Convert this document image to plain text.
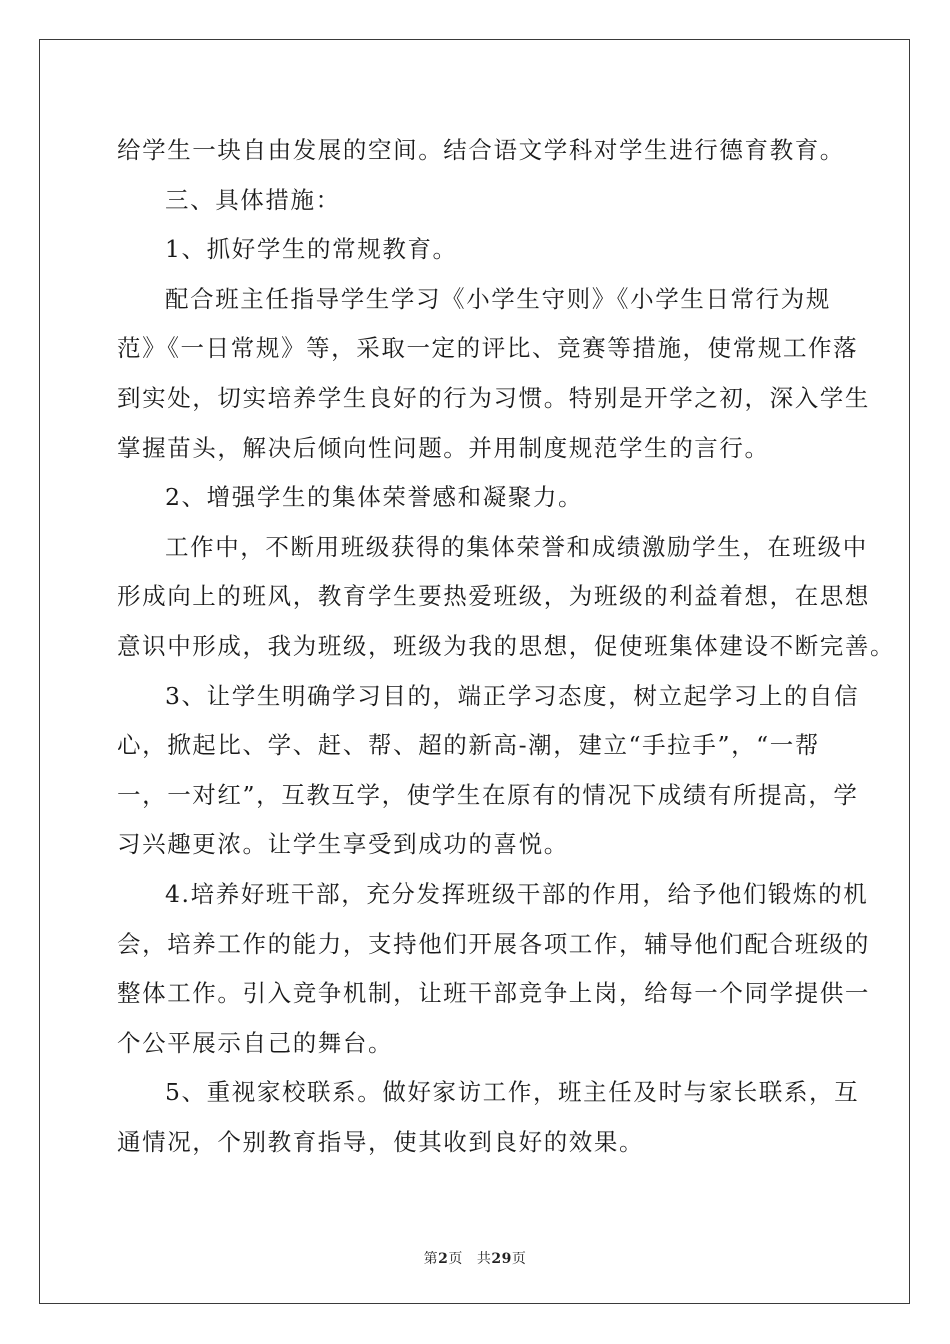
给学生一块自由发展的空间。结合语文学科对学生进行德育教育。

三、具体措施：

1、抓好学生的常规教育。

配合班主任指导学生学习《小学生守则》《小学生日常行为规

范》《一日常规》等，采取一定的评比、竞赛等措施，使常规工作落

到实处，切实培养学生良好的行为习惯。特别是开学之初，深入学生

掌握苗头，解决后倾向性问题。并用制度规范学生的言行。

2、增强学生的集体荣誉感和凝聚力。

工作中，不断用班级获得的集体荣誉和成绩激励学生，在班级中

形成向上的班风，教育学生要热爱班级，为班级的利益着想，在思想

意识中形成，我为班级，班级为我的思想，促使班集体建设不断完善。

3、让学生明确学习目的，端正学习态度，树立起学习上的自信

心，掀起比、学、赶、帮、超的新高-潮，建立“手拉手”，“一帮

一，一对红”，互教互学，使学生在原有的情况下成绩有所提高，学

习兴趣更浓。让学生享受到成功的喜悦。

4.培养好班干部，充分发挥班级干部的作用，给予他们锻炼的机

会，培养工作的能力，支持他们开展各项工作，辅导他们配合班级的

整体工作。引入竞争机制，让班干部竞争上岗，给每一个同学提供一

个公平展示自己的舞台。

5、重视家校联系。做好家访工作，班主任及时与家长联系，互

通情况，个别教育指导，使其收到良好的效果。

第2页 共29页
